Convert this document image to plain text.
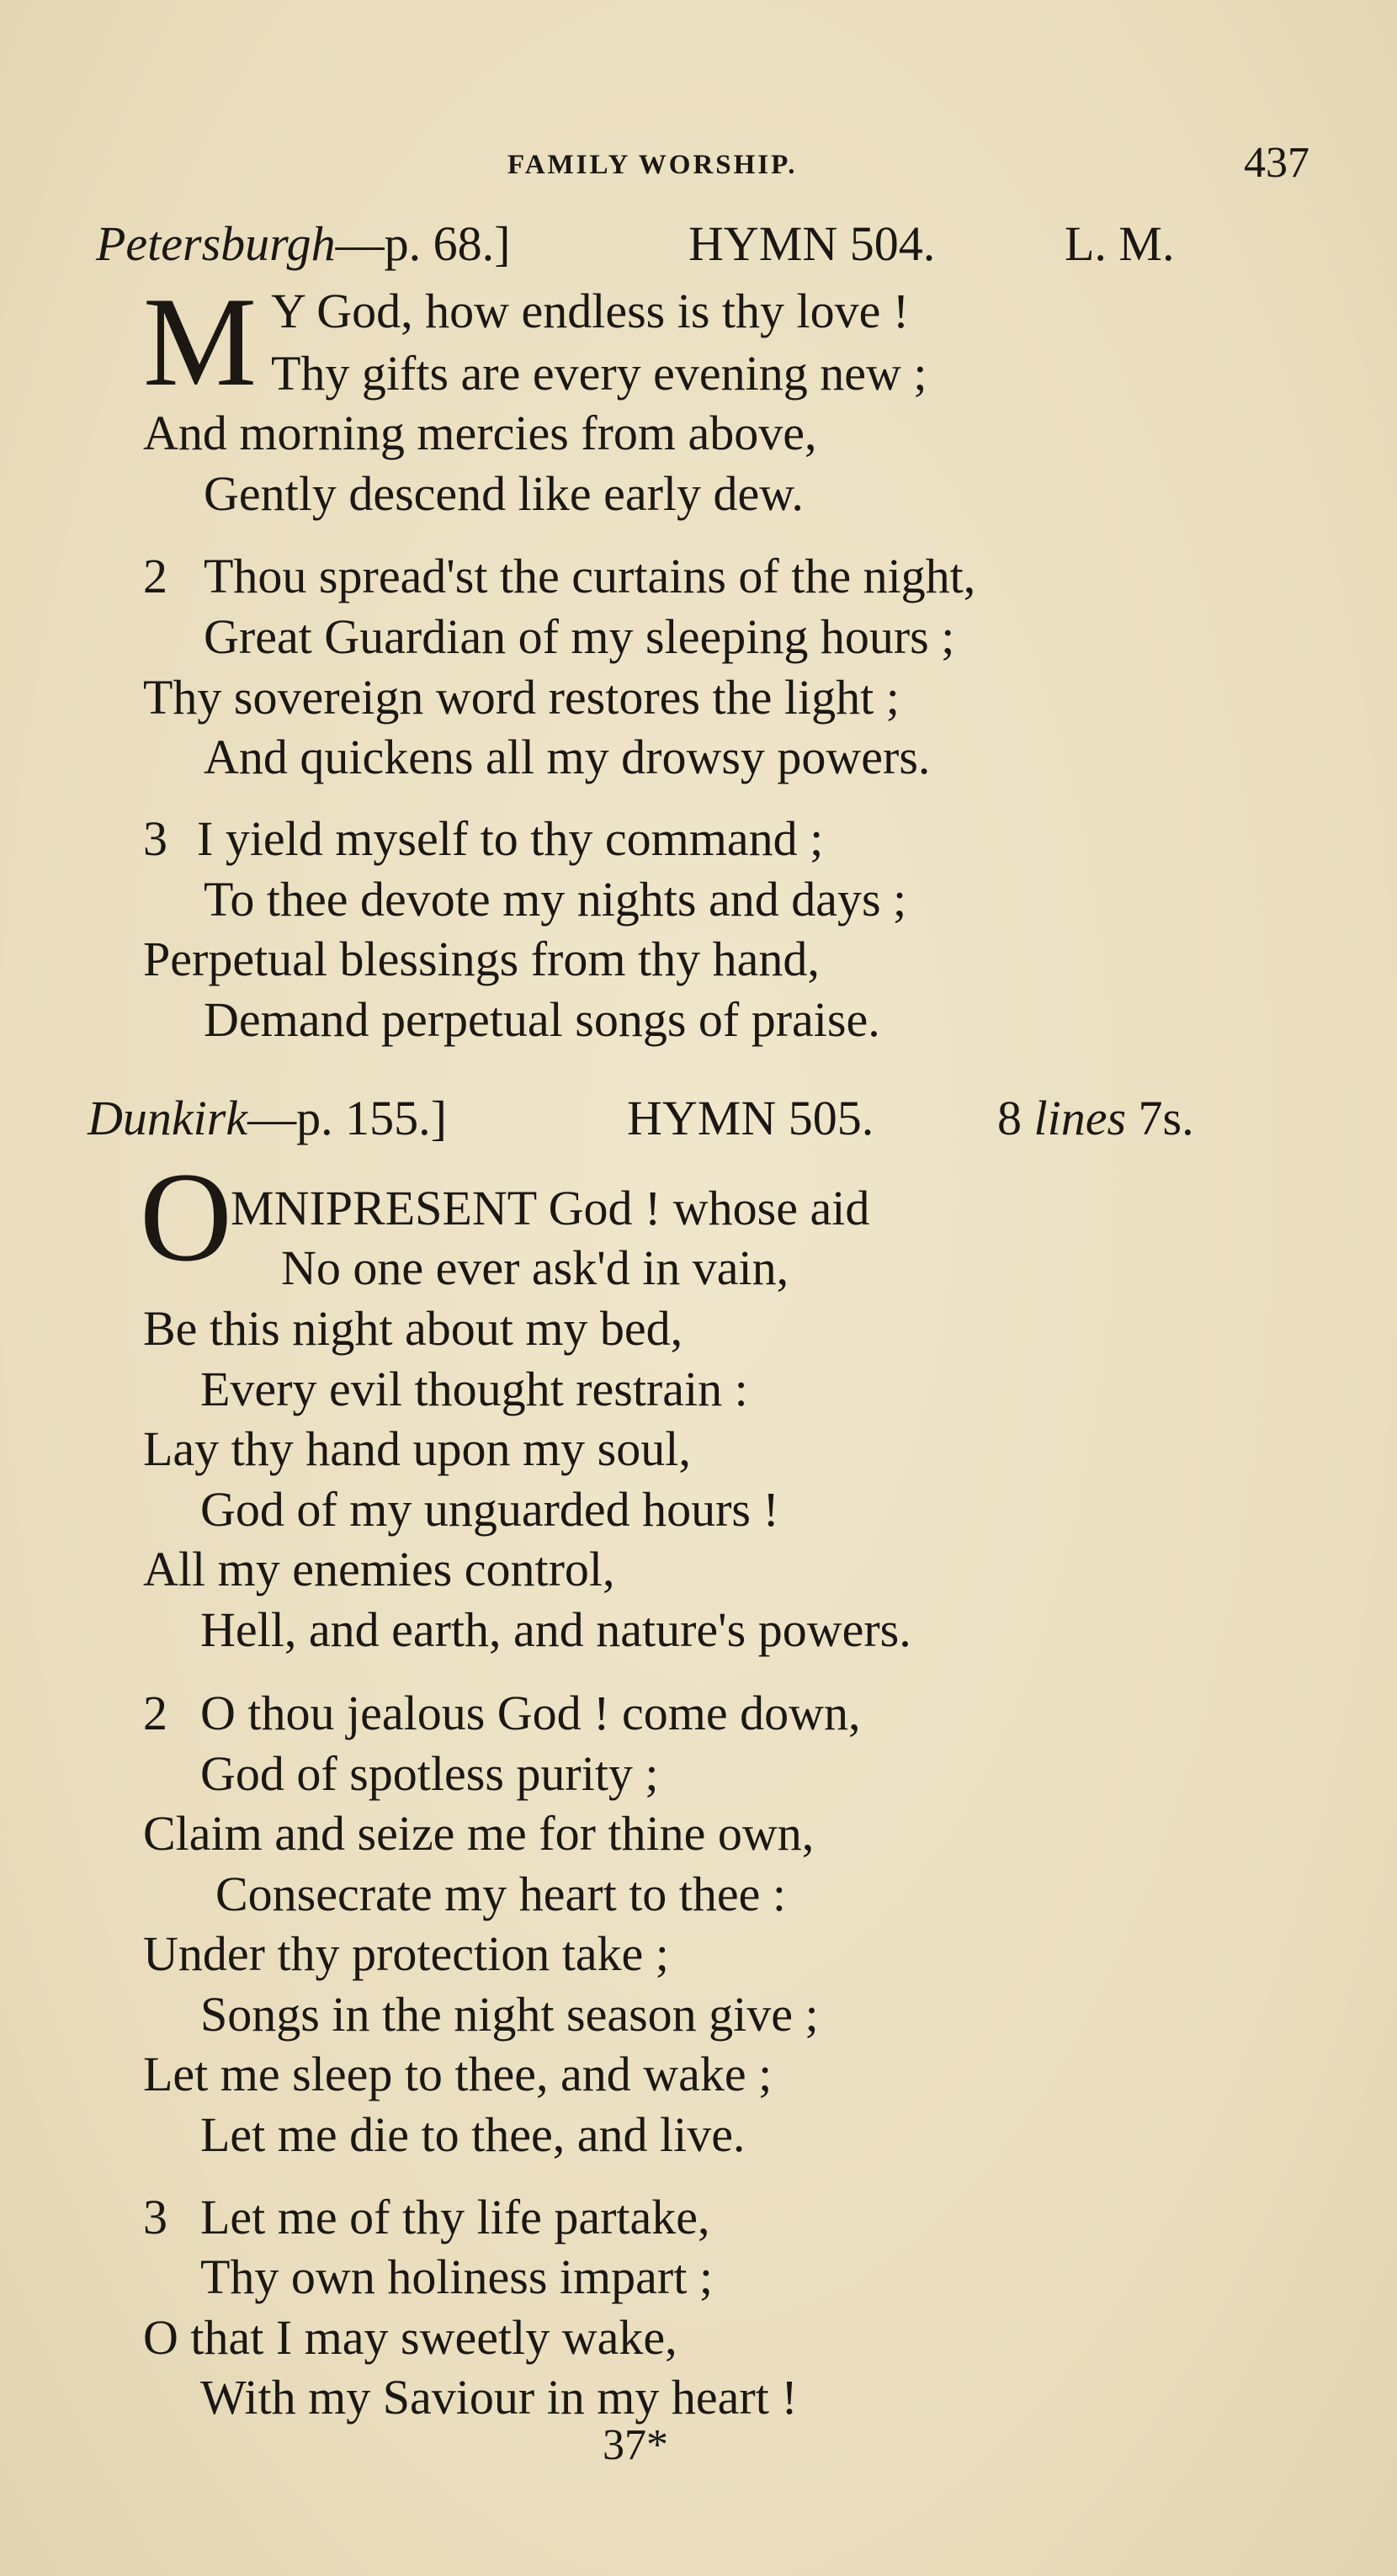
FAMILY WORSHIP.	437
Petersburgh—p. 68.]	HYMN 504.	L. M.
M Y God, how endless is thy love !
Thy gifts are every evening new ;
And morning mercies from above,
Gently descend like early dew.
2 Thou spread'st the curtains of the night,
Great Guardian of my sleeping hours ;
Thy sovereign word restores the light ;
And quickens all my drowsy powers.
3 I yield myself to thy command ;
To thee devote my nights and days ;
Perpetual blessings from thy hand,
Demand perpetual songs of praise.
Dunkirk—p. 155.]	HYMN 505.	8 lines 7s.
O
MNIPRESENT God ! whose aid
No one ever ask'd in vain,
Be this night about my bed,
Every evil thought restrain :
Lay thy hand upon my soul,
God of my unguarded hours !
All my enemies control,
Hell, and earth, and nature's powers.
2 O thou jealous God ! come down,
God of spotless purity ;
Claim and seize me for thine own,
Consecrate my heart to thee :
Under thy protection take ;
Songs in the night season give ;
Let me sleep to thee, and wake ;
Let me die to thee, and live.
3 Let me of thy life partake,
Thy own holiness impart ;
O that I may sweetly wake,
With my Saviour in my heart !
37*
